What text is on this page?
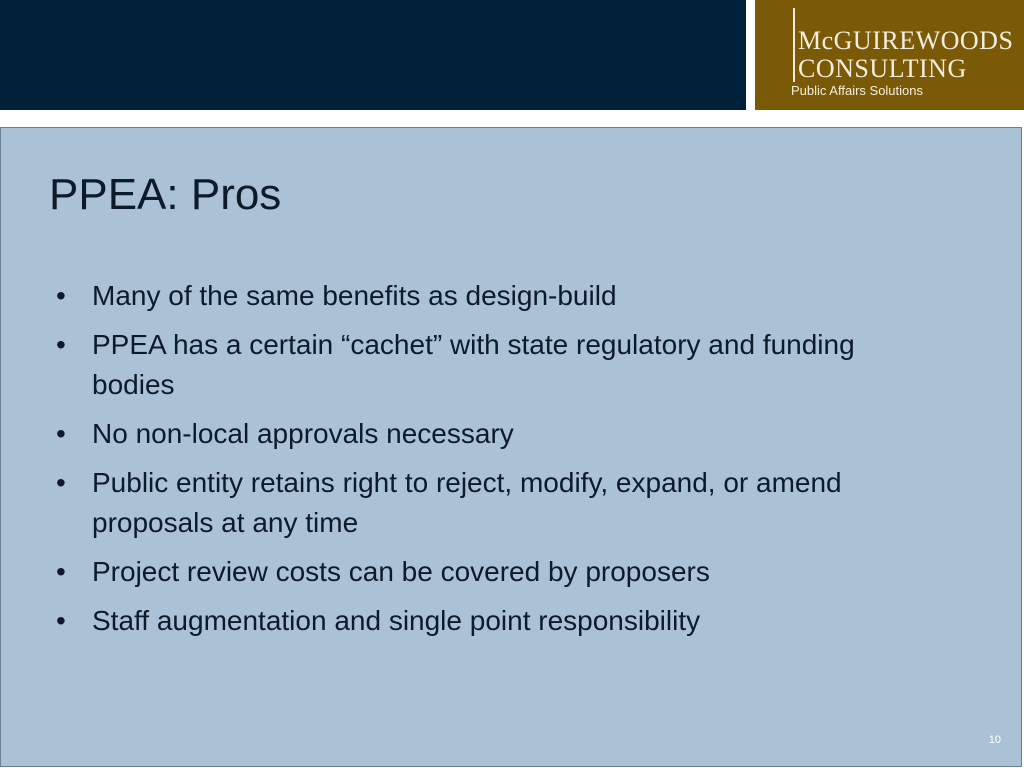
McGUIREWOODS
CONSULTING
Public Affairs Solutions
PPEA: Pros
• Many of the same benefits as design-build
• PPEA has a certain “cachet” with state regulatory and funding bodies
• No non-local approvals necessary
• Public entity retains right to reject, modify, expand, or amend proposals at any time
• Project review costs can be covered by proposers
• Staff augmentation and single point responsibility
10
